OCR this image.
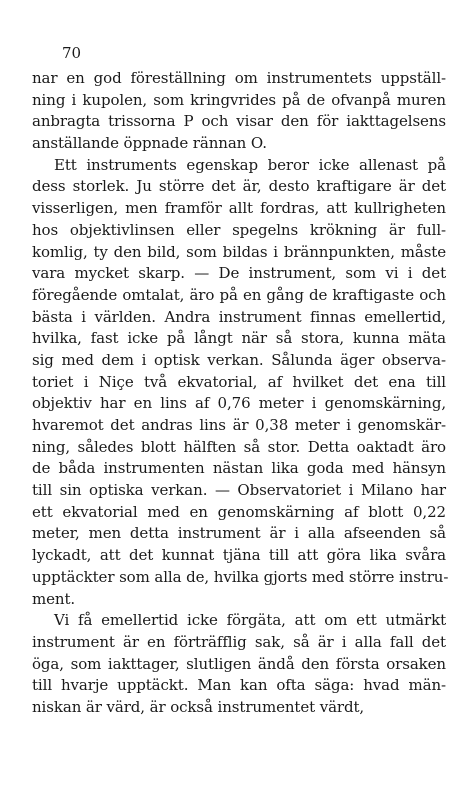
70

nar en god föreställning om instrumentets uppställ-
ning i kupolen, som kringvrides på de ofvanpå muren
anbragta trissorna P och visar den för iakttagelsens
anställande öppnade rännan O.
Ett instruments egenskap beror icke allenast på
dess storlek. Ju större det är, desto kraftigare är det
visserligen, men framför allt fordras, att kullrigheten
hos objektivlinsen eller spegelns krökning är full-
komlig, ty den bild, som bildas i brännpunkten, måste
vara mycket skarp. — De instrument, som vi i det
föregående omtalat, äro på en gång de kraftigaste och
bästa i världen. Andra instrument finnas emellertid,
hvilka, fast icke på långt när så stora, kunna mäta
sig med dem i optisk verkan. Sålunda äger observa-
toriet i Niçe två ekvatorial, af hvilket det ena till
objektiv har en lins af 0,76 meter i genomskärning,
hvaremot det andras lins är 0,38 meter i genomskär-
ning, således blott hälften så stor. Detta oaktadt äro
de båda instrumenten nästan lika goda med hänsyn
till sin optiska verkan. — Observatoriet i Milano har
ett ekvatorial med en genomskärning af blott 0,22
meter, men detta instrument är i alla afseenden så
lyckadt, att det kunnat tjäna till att göra lika svåra
upptäckter som alla de, hvilka gjorts med större instru-
ment.
Vi få emellertid icke förgäta, att om ett utmärkt
instrument är en förträfflig sak, så är i alla fall det
öga, som iakttager, slutligen ändå den första orsaken
till hvarje upptäckt. Man kan ofta säga: hvad män-
niskan är värd, är också instrumentet värdt,
